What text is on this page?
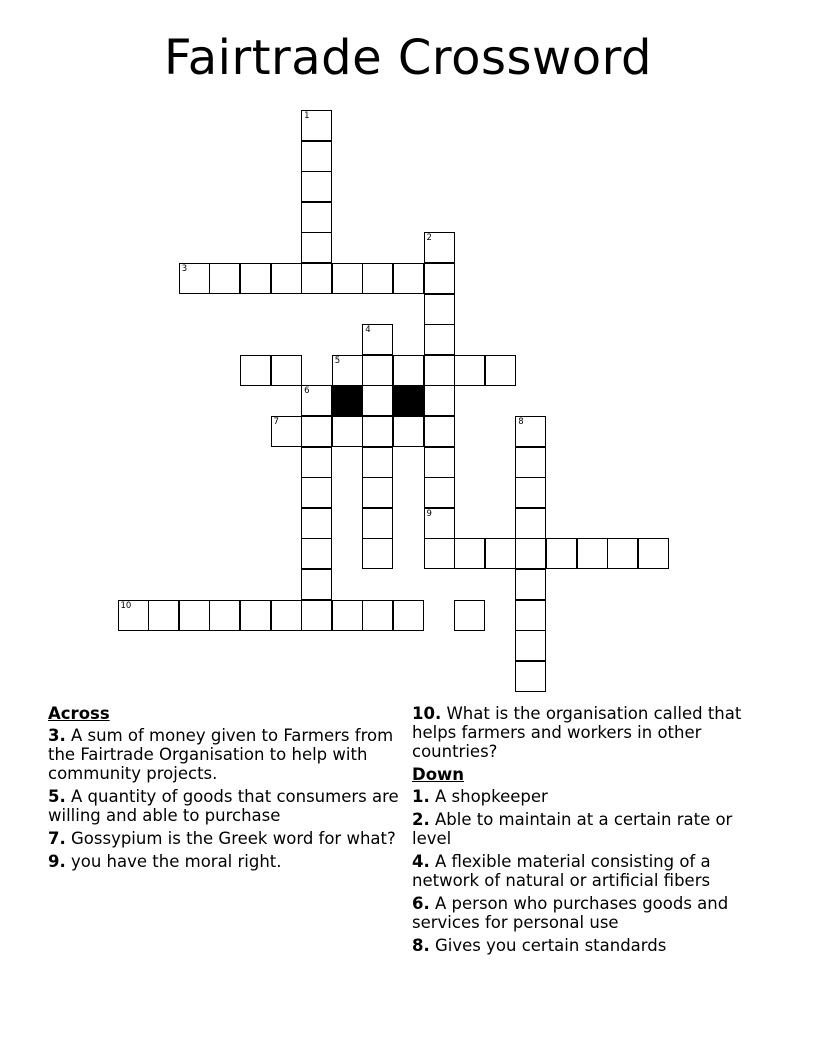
Fairtrade Crossword
1
2
9
3
4
5
6
7	8
10
Across
3. A sum of money given to Farmers from the Fairtrade Organisation to help with community projects.
5. A quantity of goods that consumers are willing and able to purchase
7. Gossypium is the Greek word for what?
9. you have the moral right.
10. What is the organisation called that helps farmers and workers in other countries?
Down
1. A shopkeeper
2. Able to maintain at a certain rate or level
4. A flexible material consisting of a network of natural or artificial fibers
6. A person who purchases goods and services for personal use
8. Gives you certain standards
